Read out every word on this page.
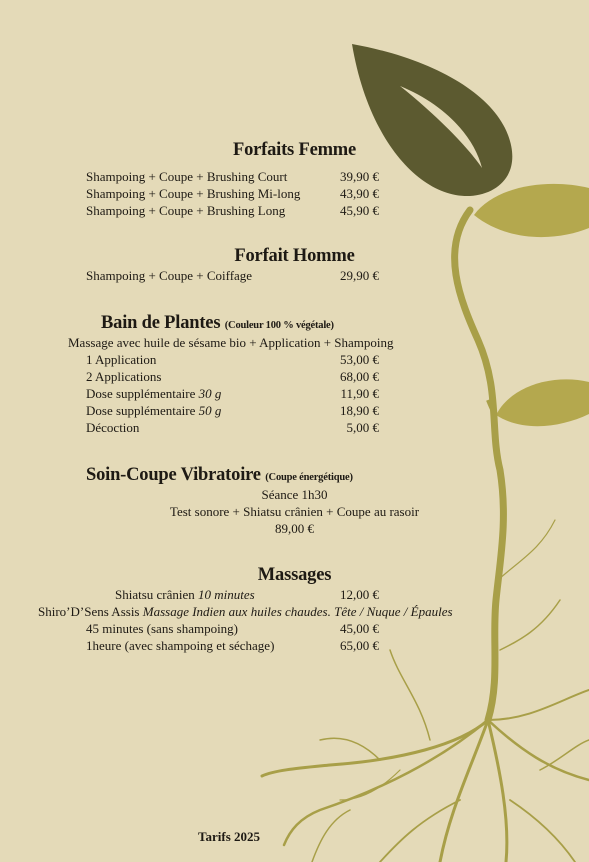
Forfaits Femme
Shampoing + Coupe + Brushing Court	39,90 €
Shampoing + Coupe + Brushing Mi-long	43,90 €
Shampoing + Coupe + Brushing Long	45,90 €
Forfait Homme
Shampoing + Coupe + Coiffage	29,90 €
Bain de Plantes (Couleur 100 % végétale)
Massage avec huile de sésame bio + Application + Shampoing
1 Application	53,00 €
2 Applications	68,00 €
Dose supplémentaire 30 g	11,90 €
Dose supplémentaire 50 g	18,90 €
Décoction	5,00 €
Soin-Coupe Vibratoire (Coupe énergétique)
Séance 1h30
Test sonore + Shiatsu crânien + Coupe au rasoir
89,00 €
Massages
Shiatsu crânien 10 minutes	12,00 €
Shiro’D’Sens Assis Massage Indien aux huiles chaudes. Tête / Nuque / Épaules
45 minutes (sans shampoing)	45,00 €
1heure (avec shampoing et séchage)	65,00 €
Tarifs 2025
